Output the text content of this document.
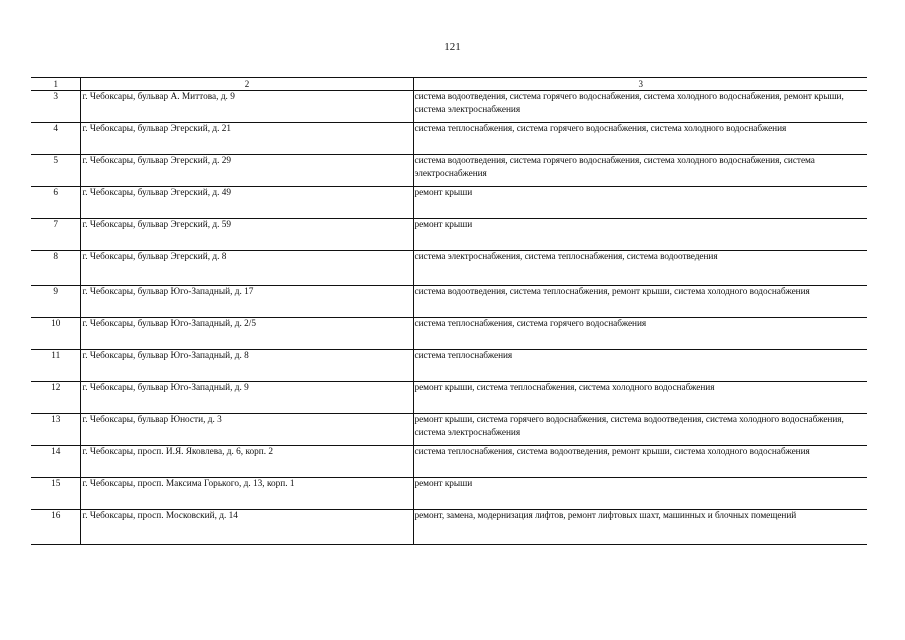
121
1	2	3
3	г. Чебоксары, бульвар А. Миттова, д. 9	система водоотведения, система горячего водоснабжения, система холодного водоснабжения, ремонт крыши, система электроснабжения
4	г. Чебоксары, бульвар Эгерский, д. 21	система теплоснабжения, система горячего водоснабжения, система холодного водоснабжения
5	г. Чебоксары, бульвар Эгерский, д. 29	система водоотведения, система горячего водоснабжения, система холодного водоснабжения, система электроснабжения
6	г. Чебоксары, бульвар Эгерский, д. 49	ремонт крыши
7	г. Чебоксары, бульвар Эгерский, д. 59	ремонт крыши
8	г. Чебоксары, бульвар Эгерский, д. 8	система электроснабжения, система теплоснабжения, система водоотведения
9	г. Чебоксары, бульвар Юго-Западный, д. 17	система водоотведения, система теплоснабжения, ремонт крыши, система холодного водоснабжения
10	г. Чебоксары, бульвар Юго-Западный, д. 2/5	система теплоснабжения, система горячего водоснабжения
11	г. Чебоксары, бульвар Юго-Западный, д. 8	система теплоснабжения
12	г. Чебоксары, бульвар Юго-Западный, д. 9	ремонт крыши, система теплоснабжения, система холодного водоснабжения
13	г. Чебоксары, бульвар Юности, д. 3	ремонт крыши, система горячего водоснабжения, система водоотведения, система холодного водоснабжения, система электроснабжения
14	г. Чебоксары, просп. И.Я. Яковлева, д. 6, корп. 2	система теплоснабжения, система водоотведения, ремонт крыши, система холодного водоснабжения
15	г. Чебоксары, просп. Максима Горького, д. 13, корп. 1	ремонт крыши
16	г. Чебоксары, просп. Московский, д. 14	ремонт, замена, модернизация лифтов, ремонт лифтовых шахт, машинных и блочных помещений
